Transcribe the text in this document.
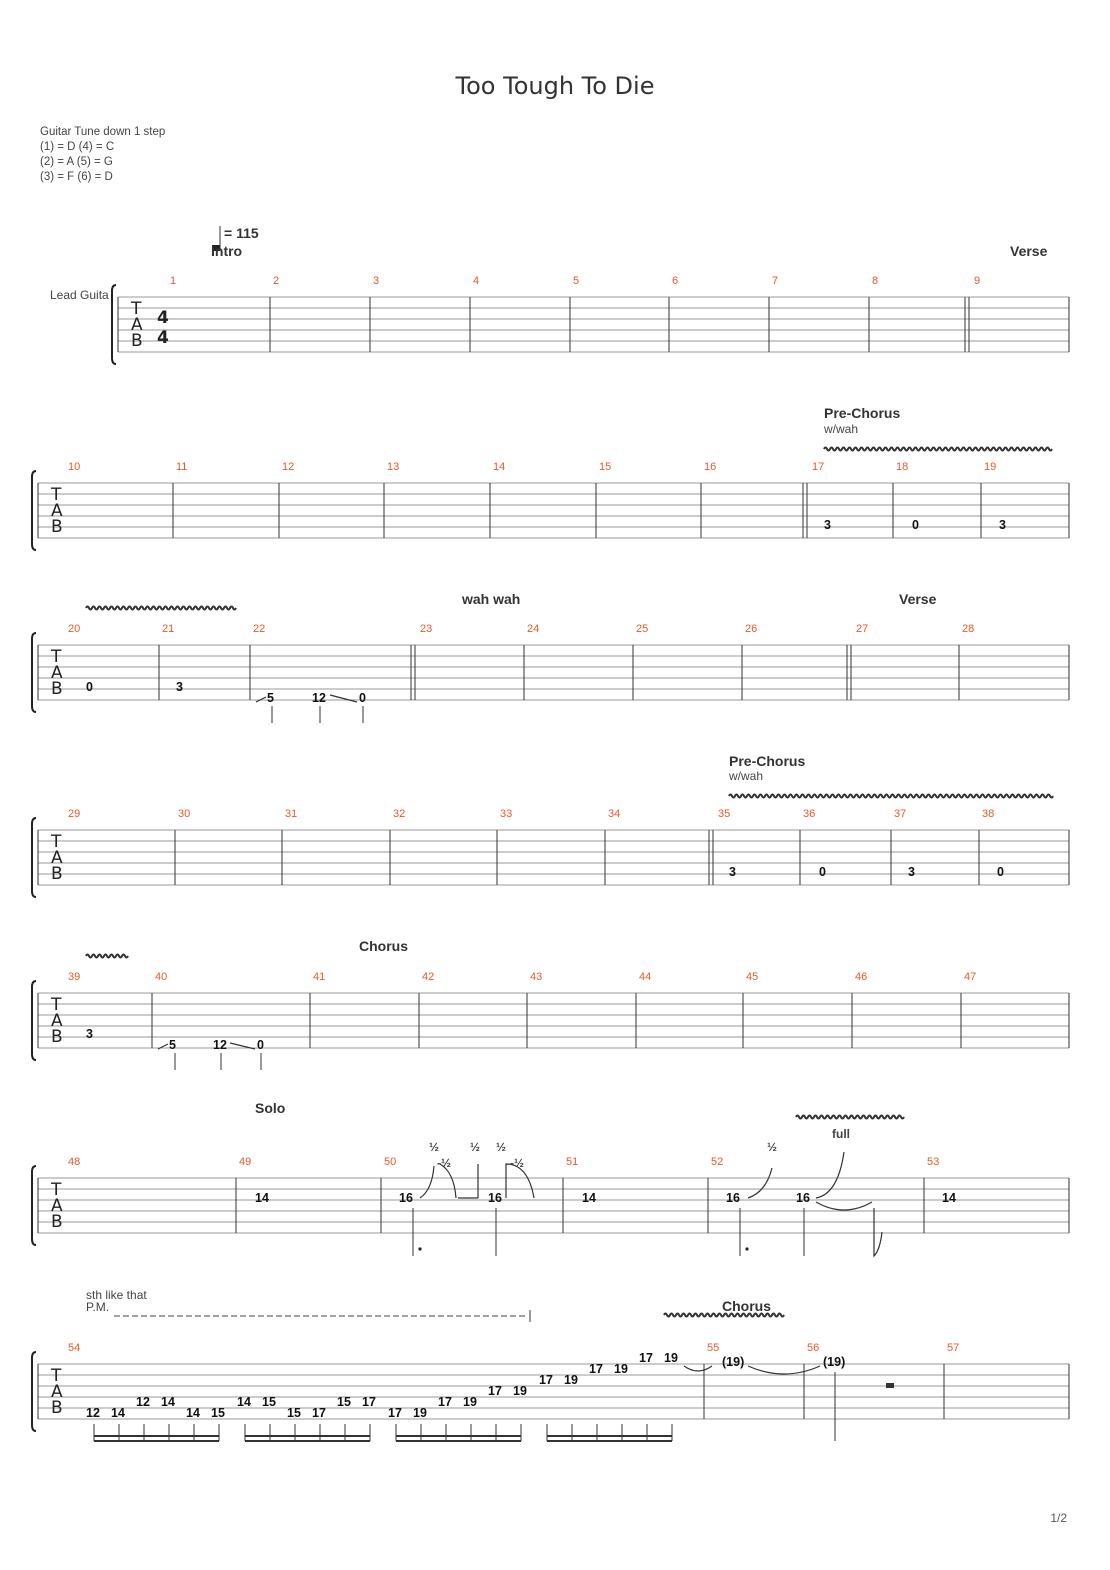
Too Tough To Die
Guitar Tune down 1 step
(1) = D (4) = C
(2) = A (5) = G
(3) = F (6) = D
1/2
T
A
B
1	2	3	4	5	6	7	8	9
T
A
B
10	11	12	13	14	15	16	17	18	19
T
A
B
20	21	22	23	24	25	26	27	28
T
A
B
29	30	31	32	33	34	35	36	37	38
T
A
B
39	40	41	42	43	44	45	46	47
T
A
B
48	49	50	51	52	53
T
A
B
54	55	56	57
4
4
Lead Guita
= 115
Intro	Verse
Pre-Chorus
w/wah
3	0	3
wah wah	Verse
0	3
5	12	0
Pre-Chorus
w/wah
3	0	3	0
Chorus
3
5	12 0
Solo
½
-½
½ ½
-½
½
full
14	16	16	14	16	16	14
sth like that
P.M.	Chorus
12 14
12 14
14 15
14 15
15 17
15 17
17 19
17 19
17 19
17 19
17 19
17 19	(19)	(19)
